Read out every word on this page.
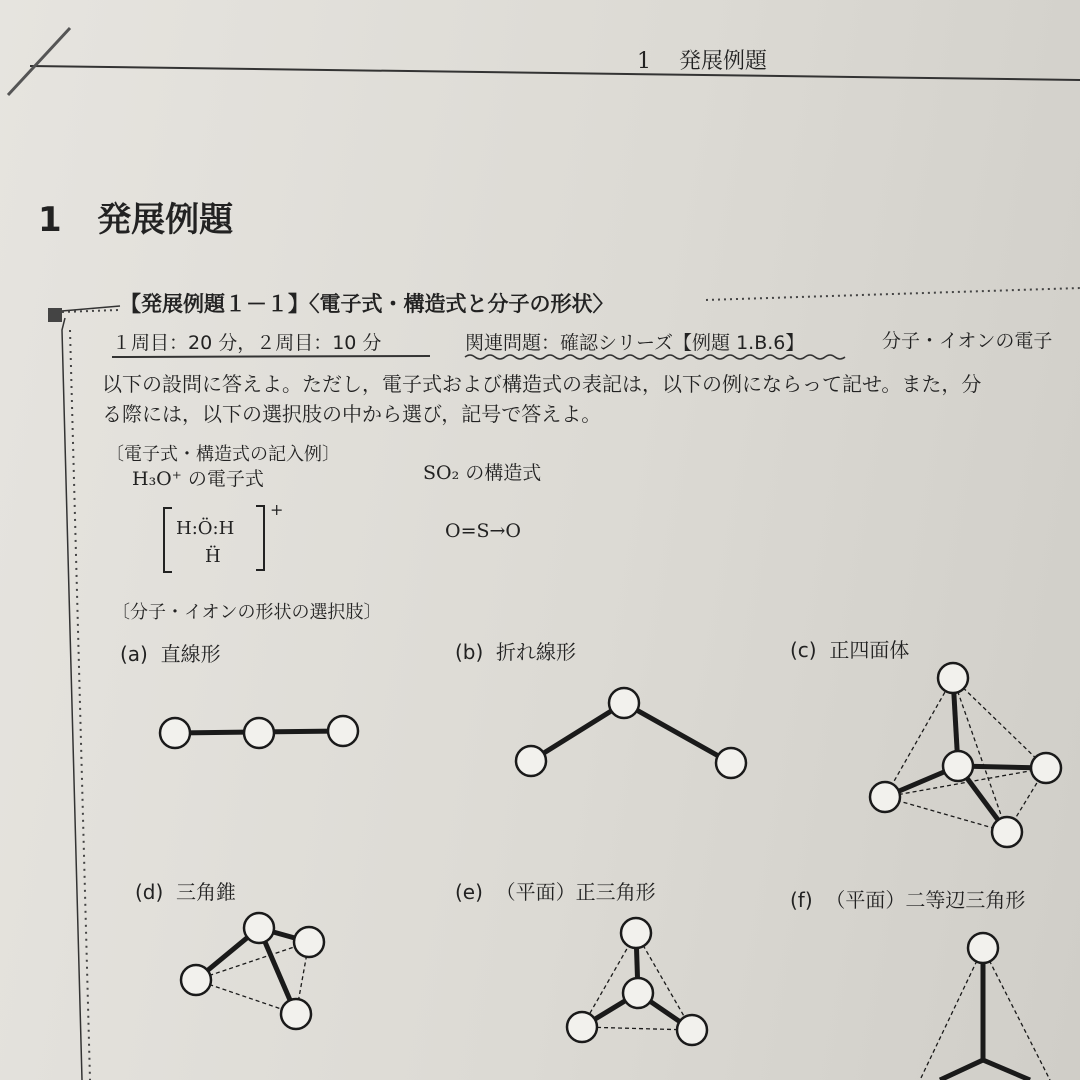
1 発展例題
1 発展例題
【発展例題１－１】〈電子式・構造式と分子の形状〉
１周目：20 分，２周目：10 分	関連問題：確認シリーズ【例題 1.B.6】	分子・イオンの電子
以下の設問に答えよ。ただし，電子式および構造式の表記は，以下の例にならって記せ。また，分
る際には，以下の選択肢の中から選び，記号で答えよ。
〔電子式・構造式の記入例〕
H₃O⁺ の電子式	SO₂ の構造式
H:Ö:H
Ḧ
+
O=S→O
〔分子・イオンの形状の選択肢〕
(a) 直線形	(b) 折れ線形	(c) 正四面体
(d) 三角錐	(e) （平面）正三角形	(f) （平面）二等辺三角形
